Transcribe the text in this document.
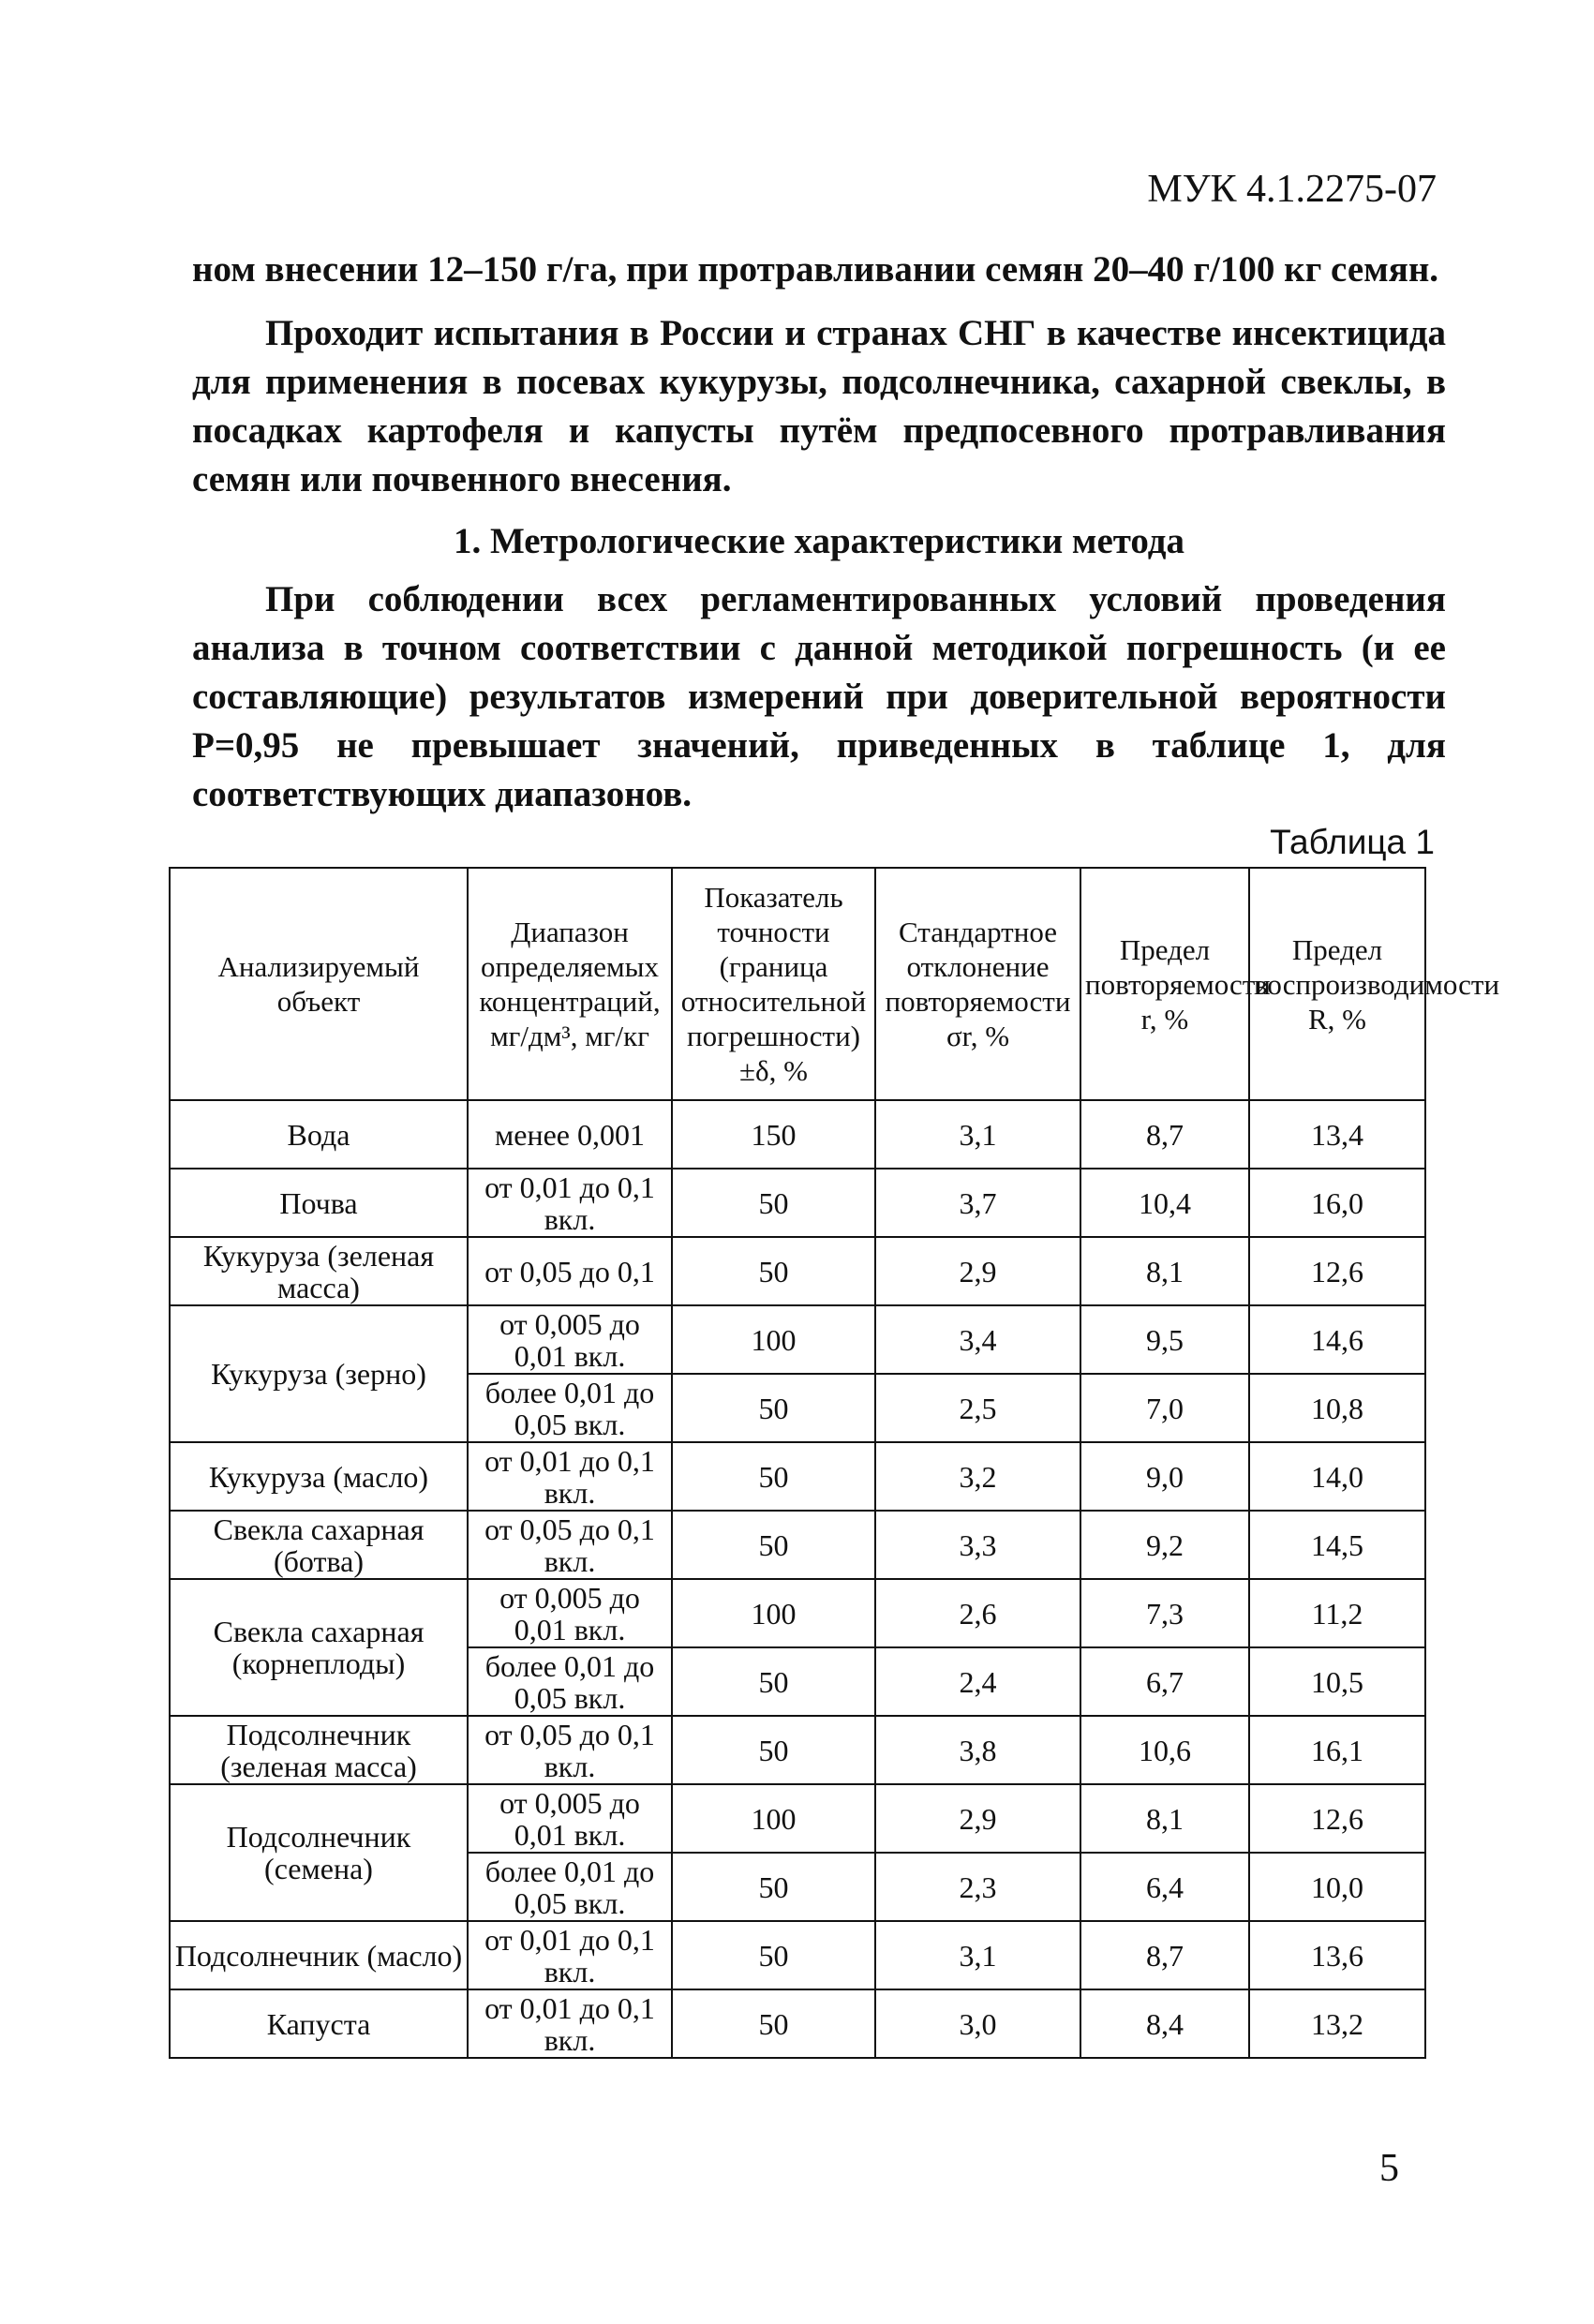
МУК 4.1.2275-07

ном внесении 12–150 г/га, при протравливании семян 20–40 г/100 кг семян.

Проходит испытания в России и странах СНГ в качестве инсектицида для применения в посевах кукурузы, подсолнечника, сахарной свеклы, в посадках картофеля и капусты путём предпосевного протравливания семян или почвенного внесения.

1. Метрологические характеристики метода

При соблюдении всех регламентированных условий проведения анализа в точном соответствии с данной методикой погрешность (и ее составляющие) результатов измерений при доверительной вероятности P=0,95 не превышает значений, приведенных в таблице 1, для соответствующих диапазонов.

Таблица 1
Анализируемый объект	Диапазон определяемых концентраций, мг/дм³, мг/кг	Показатель точности (граница относительной погрешности) ±δ, %	Стандартное отклонение повторяемости σr, %	Предел повторяемости r, %	Предел воспроизводимости R, %
Вода	менее 0,001	150	3,1	8,7	13,4
Почва	от 0,01 до 0,1 вкл.	50	3,7	10,4	16,0
Кукуруза (зеленая масса)	от 0,05 до 0,1	50	2,9	8,1	12,6
Кукуруза (зерно)	от 0,005 до 0,01 вкл.	100	3,4	9,5	14,6
	более 0,01 до 0,05 вкл.	50	2,5	7,0	10,8
Кукуруза (масло)	от 0,01 до 0,1 вкл.	50	3,2	9,0	14,0
Свекла сахарная (ботва)	от 0,05 до 0,1 вкл.	50	3,3	9,2	14,5
Свекла сахарная (корнеплоды)	от 0,005 до 0,01 вкл.	100	2,6	7,3	11,2
	более 0,01 до 0,05 вкл.	50	2,4	6,7	10,5
Подсолнечник (зеленая масса)	от 0,05 до 0,1 вкл.	50	3,8	10,6	16,1
Подсолнечник (семена)	от 0,005 до 0,01 вкл.	100	2,9	8,1	12,6
	более 0,01 до 0,05 вкл.	50	2,3	6,4	10,0
Подсолнечник (масло)	от 0,01 до 0,1 вкл.	50	3,1	8,7	13,6
Капуста	от 0,01 до 0,1 вкл.	50	3,0	8,4	13,2
5
